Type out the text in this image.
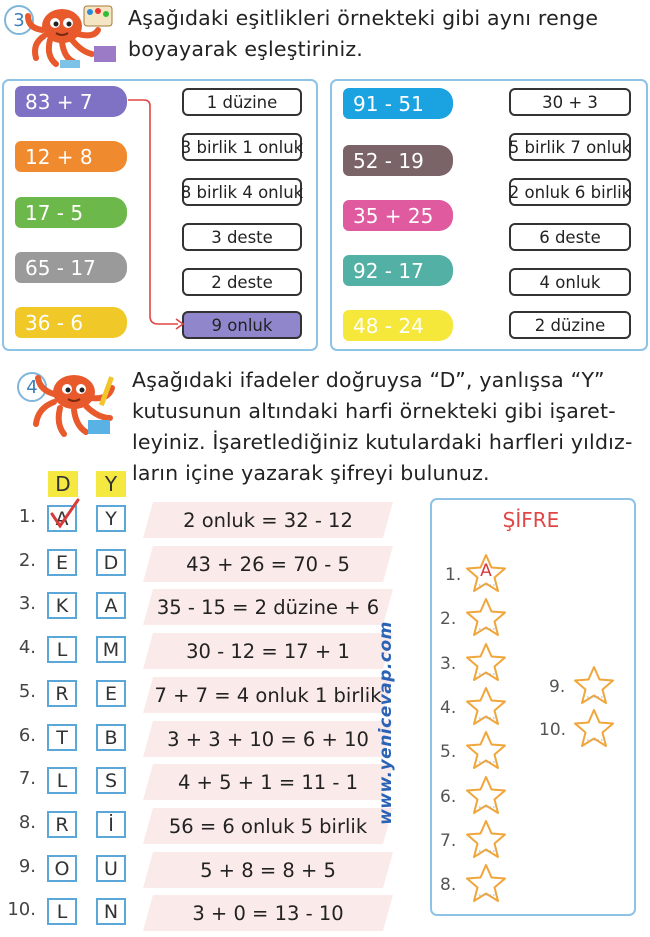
3	Aşağıdaki eşitlikleri örnekteki gibi aynı renge
boyayarak eşleştiriniz.
83 + 7
12 + 8
17 - 5
65 - 17
36 - 6
1 düzine
3 birlik 1 onluk
8 birlik 4 onluk
3 deste
2 deste
9 onluk
91 - 51
52 - 19
35 + 25
92 - 17
48 - 24
30 + 3
5 birlik 7 onluk
2 onluk 6 birlik
6 deste
4 onluk
2 düzine
4	Aşağıdaki ifadeler doğruysa “D”, yanlışsa “Y”
kutusunun altındaki harfi örnekteki gibi işaret-
leyiniz. İşaretlediğiniz kutulardaki harfleri yıldız-
ların içine yazarak şifreyi bulunuz.
D	Y
1.	A	Y	2 onluk = 32 - 12
2.	E	D	43 + 26 = 70 - 5
3.	K	A	35 - 15 = 2 düzine + 6
4.	L	M	30 - 12 = 17 + 1
5.	R	E	7 + 7 = 4 onluk 1 birlik
6.	T	B	3 + 3 + 10 = 6 + 10
7.	L	S	4 + 5 + 1 = 11 - 1
8.	R	İ	56 = 6 onluk 5 birlik
9. O	U	5 + 8 = 8 + 5
10.	L	N	3 + 0 = 13 - 10
www.yenicevap.com
ŞİFRE
1. A
2.
3.
4.
5.
6.
7.
8.
9.
10.
